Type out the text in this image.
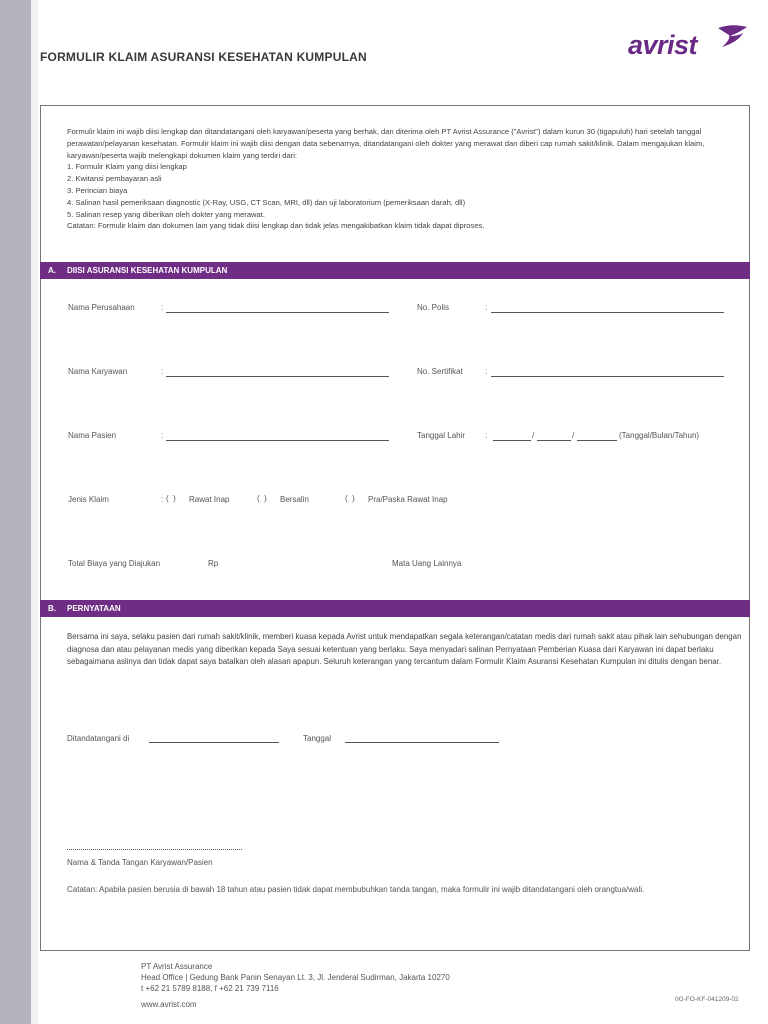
FORMULIR KLAIM ASURANSI KESEHATAN KUMPULAN	avrist

Formulir klaim ini wajib diisi lengkap dan ditandatangani oleh karyawan/peserta yang berhak, dan diterima oleh PT Avrist Assurance ("Avrist") dalam kurun 30 (tigapuluh) hari setelah tanggal perawatan/pelayanan kesehatan. Formulir klaim ini wajib diisi dengan data sebenarnya, ditandatangani oleh dokter yang merawat dan diberi cap rumah sakit/klinik. Dalam mengajukan klaim, karyawan/peserta wajib melengkapi dokumen klaim yang terdiri dari:

1. Formulir Klaim yang diisi lengkap

2. Kwitansi pembayaran asli

3. Perincian biaya

4. Salinan hasil pemeriksaan diagnostic (X-Ray, USG, CT Scan, MRI, dll) dan uji laboratorium (pemeriksaan darah, dll)

5. Salinan resep yang diberikan oleh dokter yang merawat.

Catatan: Formulir klaim dan dokumen lain yang tidak diisi lengkap dan tidak jelas mengakibatkan klaim tidak dapat diproses.

A. DIISI ASURANSI KESEHATAN KUMPULAN
Nama Perusahaan	:	No. Polis	:
Nama Karyawan	:	No. Sertifikat	:
Nama Pasien	:	Tanggal Lahir :	/	/	(Tanggal/Bulan/Tahun)
Jenis Klaim	: (  ) Rawat Inap	(  ) Bersalin	(  ) Pra/Paska Rawat Inap
Total Biaya yang Diajukan	Rp	Mata Uang Lainnya
B. PERNYATAAN
Bersama ini saya, selaku pasien dari rumah sakit/klinik, memberi kuasa kepada Avrist untuk mendapatkan segala keterangan/catatan medis dari rumah sakit atau pihak lain sehubungan dengan diagnosa dan atau pelayanan medis yang diberikan kepada Saya sesuai ketentuan yang berlaku. Saya menyadari salinan Pernyataan Pemberian Kuasa dari Karyawan ini dapat berlaku sebagaimana aslinya dan tidak dapat saya batalkan oleh alasan apapun. Seluruh keterangan yang tercantum dalam Formulir Klaim Asuransi Kesehatan Kumpulan ini ditulis dengan benar.
Ditandatangani di	Tanggal
Nama & Tanda Tangan Karyawan/Pasien
Catatan: Apabila pasien berusia di bawah 18 tahun atau pasien tidak dapat membubuhkan tanda tangan, maka formulir ini wajib ditandatangani oleh orangtua/wali.
PT Avrist Assurance
Head Office | Gedung Bank Panin Senayan Lt. 3, Jl. Jenderal Sudirman, Jakarta 10270
t +62 21 5789 8188, f +62 21 739 7116
www.avrist.com
0G-FO-KF-041209-02
